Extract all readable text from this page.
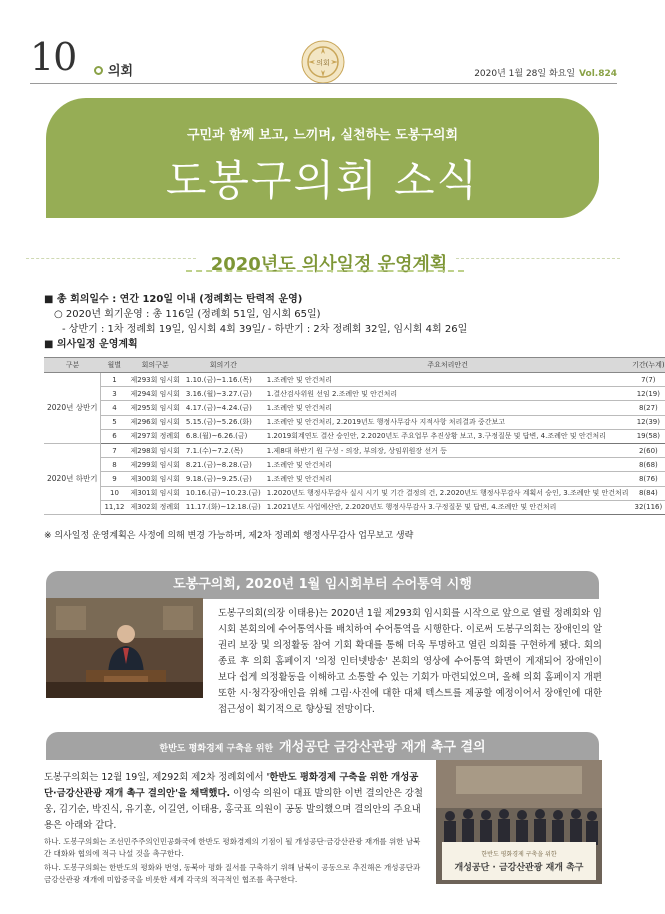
10 의회
의회
2020년 1월 28일 화요일 Vol.824
구민과 함께 보고, 느끼며, 실천하는 도봉구의회
도봉구의회 소식
2020년도 의사일정 운영계획
■ 총 회의일수 : 연간 120일 이내 (정례회는 탄력적 운영)
○ 2020년 회기운영 : 총 116일 (정례회 51일, 임시회 65일)
- 상반기 : 1차 정례회 19일, 임시회 4회 39일/ - 하반기 : 2차 정례회 32일, 임시회 4회 26일
■ 의사일정 운영계획
구분	월별	회의구분	회의기간	주요처리안건	기간(누계)
2020년 상반기	1	제293회 임시회	1.10.(금)~1.16.(목)	1.조례안 및 안건처리	7(7)
	3	제294회 임시회	3.16.(월)~3.27.(금)	1.결산검사위원 선임 2.조례안 및 안건처리	12(19)
	4	제295회 임시회	4.17.(금)~4.24.(금)	1.조례안 및 안건처리	8(27)
	5	제296회 임시회	5.15.(금)~5.26.(화)	1.조례안 및 안건처리, 2.2019년도 행정사무감사 지적사항 처리결과 중간보고	12(39)
	6	제297회 정례회	6.8.(월)~6.26.(금)	1.2019회계연도 결산 승인안, 2.2020년도 주요업무 추진상황 보고, 3.구정질문 및 답변, 4.조례안 및 안건처리	19(58)
2020년 하반기	7	제298회 임시회	7.1.(수)~7.2.(목)	1.제8대 하반기 원 구성 - 의장, 부의장, 상임위원장 선거 등	2(60)
	8	제299회 임시회	8.21.(금)~8.28.(금)	1.조례안 및 안건처리	8(68)
	9	제300회 임시회	9.18.(금)~9.25.(금)	1.조례안 및 안건처리	8(76)
	10	제301회 임시회	10.16.(금)~10.23.(금)	1.2020년도 행정사무감사 실시 시기 및 기간 결정의 건, 2.2020년도 행정사무감사 계획서 승인, 3.조례안 및 안건처리	8(84)
	11,12	제302회 정례회	11.17.(화)~12.18.(금)	1.2021년도 사업예산안, 2.2020년도 행정사무감사 3.구정질문 및 답변, 4.조례안 및 안건처리	32(116)
※ 의사일정 운영계획은 사정에 의해 변경 가능하며, 제2차 정례회 행정사무감사 업무보고 생략
도봉구의회, 2020년 1월 임시회부터 수어통역 시행
도봉구의회(의장 이태용)는 2020년 1월 제293회 임시회를 시작으로 앞으로 열릴 정례회와 임시회 본회의에 수어통역사를 배치하여 수어통역을 시행한다. 이로써 도봉구의회는 장애인의 알 권리 보장 및 의정활동 참여 기회 확대를 통해 더욱 투명하고 열린 의회를 구현하게 됐다. 회의 종료 후 의회 홈페이지 '의정 인터넷방송' 본회의 영상에 수어통역 화면이 게재되어 장애인이 보다 쉽게 의정활동을 이해하고 소통할 수 있는 기회가 마련되었으며, 올해 의회 홈페이지 개편 또한 시·청각장애인을 위해 그림·사진에 대한 대체 텍스트를 제공할 예정이어서 장애인에 대한 접근성이 획기적으로 향상될 전망이다.
한반도 평화경제 구축을 위한 개성공단 금강산관광 재개 촉구 결의

도봉구의회는 12월 19일, 제292회 제2차 정례회에서 '한반도 평화경제 구축을 위한 개성공단·금강산관광 재개 촉구 결의안'을 채택했다. 이영숙 의원이 대표 발의한 이번 결의안은 강철웅, 김기순, 박진식, 유기훈, 이길연, 이태용, 홍국표 의원이 공동 발의했으며 결의안의 주요내용은 아래와 같다.

하나. 도봉구의회는 조선민주주의인민공화국에 한반도 평화경제의 기점이 될 개성공단·금강산관광 재개를 위한 남북 간 대화와 협의에 적극 나설 것을 촉구한다.

하나. 도봉구의회는 한반도의 평화와 번영, 동북아 평화 질서를 구축하기 위해 남북이 공동으로 추진해온 개성공단과 금강산관광 재개에 미합중국을 비롯한 세계 각국의 적극적인 협조를 촉구한다.

한반도 평화경제 구축을 위한
개성공단 · 금강산관광 재개 촉구
